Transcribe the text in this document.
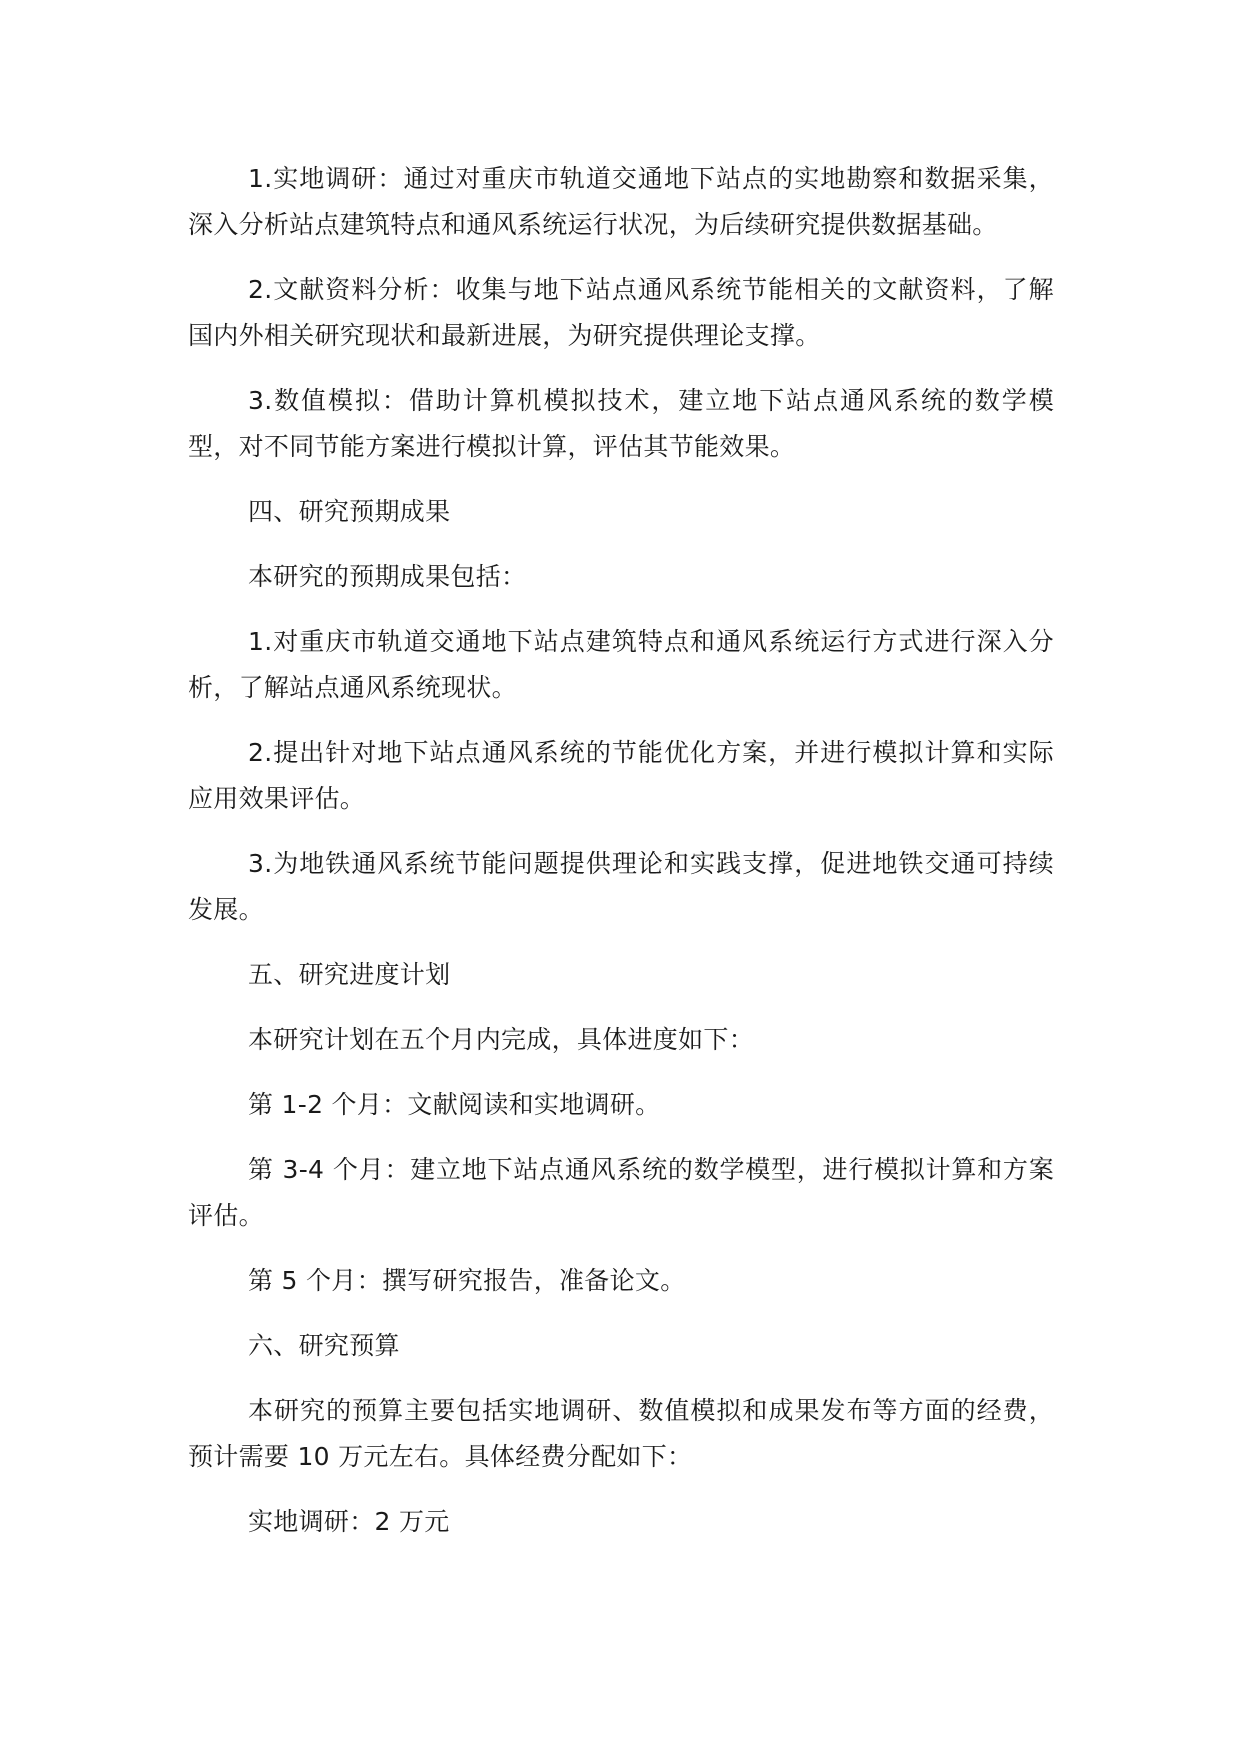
1.实地调研：通过对重庆市轨道交通地下站点的实地勘察和数据采集，深入分析站点建筑特点和通风系统运行状况，为后续研究提供数据基础。

2.文献资料分析：收集与地下站点通风系统节能相关的文献资料，了解国内外相关研究现状和最新进展，为研究提供理论支撑。

3.数值模拟：借助计算机模拟技术，建立地下站点通风系统的数学模型，对不同节能方案进行模拟计算，评估其节能效果。

四、研究预期成果

本研究的预期成果包括：

1.对重庆市轨道交通地下站点建筑特点和通风系统运行方式进行深入分析，了解站点通风系统现状。

2.提出针对地下站点通风系统的节能优化方案，并进行模拟计算和实际应用效果评估。

3.为地铁通风系统节能问题提供理论和实践支撑，促进地铁交通可持续发展。

五、研究进度计划

本研究计划在五个月内完成，具体进度如下：

第 1-2 个月：文献阅读和实地调研。

第 3-4 个月：建立地下站点通风系统的数学模型，进行模拟计算和方案评估。

第 5 个月：撰写研究报告，准备论文。

六、研究预算

本研究的预算主要包括实地调研、数值模拟和成果发布等方面的经费，预计需要 10 万元左右。具体经费分配如下：

实地调研：2 万元
